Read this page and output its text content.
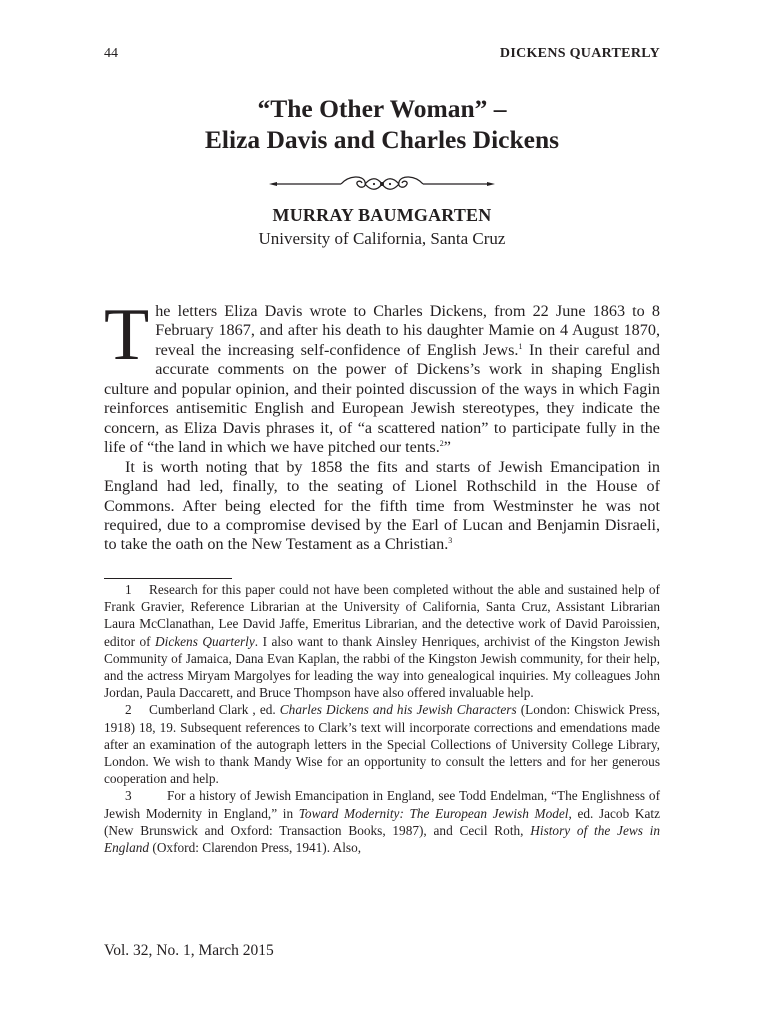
44	DICKENS QUARTERLY
“The Other Woman” –
Eliza Davis and Charles Dickens
MURRAY BAUMGARTEN
University of California, Santa Cruz

The letters Eliza Davis wrote to Charles Dickens, from 22 June 1863 to 8 February 1867, and after his death to his daughter Mamie on 4 August 1870, reveal the increasing self-confidence of English Jews.$^1$ In their careful and accurate comments on the power of Dickens’s work in shaping English culture and popular opinion, and their pointed discussion of the ways in which Fagin reinforces antisemitic English and European Jewish stereotypes, they indicate the concern, as Eliza Davis phrases it, of “a scattered nation” to participate fully in the life of “the land in which we have pitched our tents.$^2$”

It is worth noting that by 1858 the fits and starts of Jewish Emancipation in England had led, finally, to the seating of Lionel Rothschild in the House of Commons. After being elected for the fifth time from Westminster he was not required, due to a compromise devised by the Earl of Lucan and Benjamin Disraeli, to take the oath on the New Testament as a Christian.$^3$

1 Research for this paper could not have been completed without the able and sustained help of Frank Gravier, Reference Librarian at the University of California, Santa Cruz, Assistant Librarian Laura McClanathan, Lee David Jaffe, Emeritus Librarian, and the detective work of David Paroissien, editor of Dickens Quarterly. I also want to thank Ainsley Henriques, archivist of the Kingston Jewish Community of Jamaica, Dana Evan Kaplan, the rabbi of the Kingston Jewish community, for their help, and the actress Miryam Margolyes for leading the way into genealogical inquiries. My colleagues John Jordan, Paula Daccarett, and Bruce Thompson have also offered invaluable help.

2 Cumberland Clark , ed. Charles Dickens and his Jewish Characters (London: Chiswick Press, 1918) 18, 19. Subsequent references to Clark’s text will incorporate corrections and emendations made after an examination of the autograph letters in the Special Collections of University College Library, London. We wish to thank Mandy Wise for an opportunity to consult the letters and for her generous cooperation and help.

3	For a history of Jewish Emancipation in England, see Todd Endelman, “The Englishness of Jewish Modernity in England,” in Toward Modernity: The European Jewish Model, ed. Jacob Katz (New Brunswick and Oxford: Transaction Books, 1987), and Cecil Roth, History of the Jews in England (Oxford: Clarendon Press, 1941). Also,

Vol. 32, No. 1, March 2015
